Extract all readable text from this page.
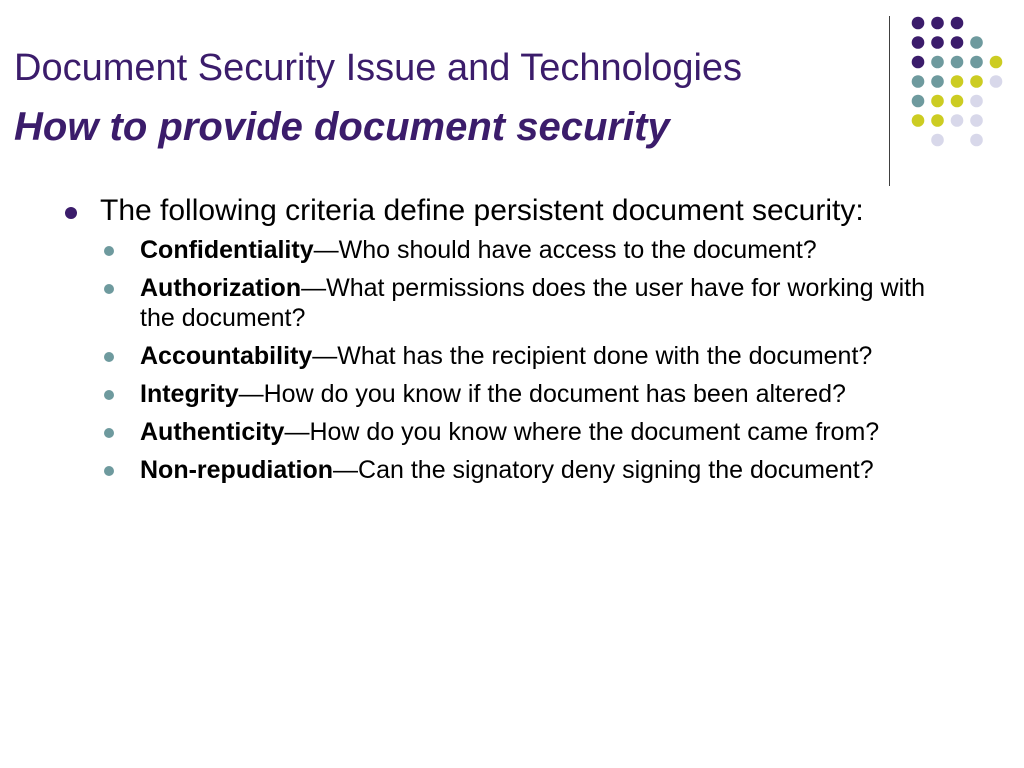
Document Security Issue and Technologies
How to provide document security
The following criteria define persistent document security:
Confidentiality—Who should have access to the document?
Authorization—What permissions does the user have for working with the document?
Accountability—What has the recipient done with the document?
Integrity—How do you know if the document has been altered?
Authenticity—How do you know where the document came from?
Non-repudiation—Can the signatory deny signing the document?
